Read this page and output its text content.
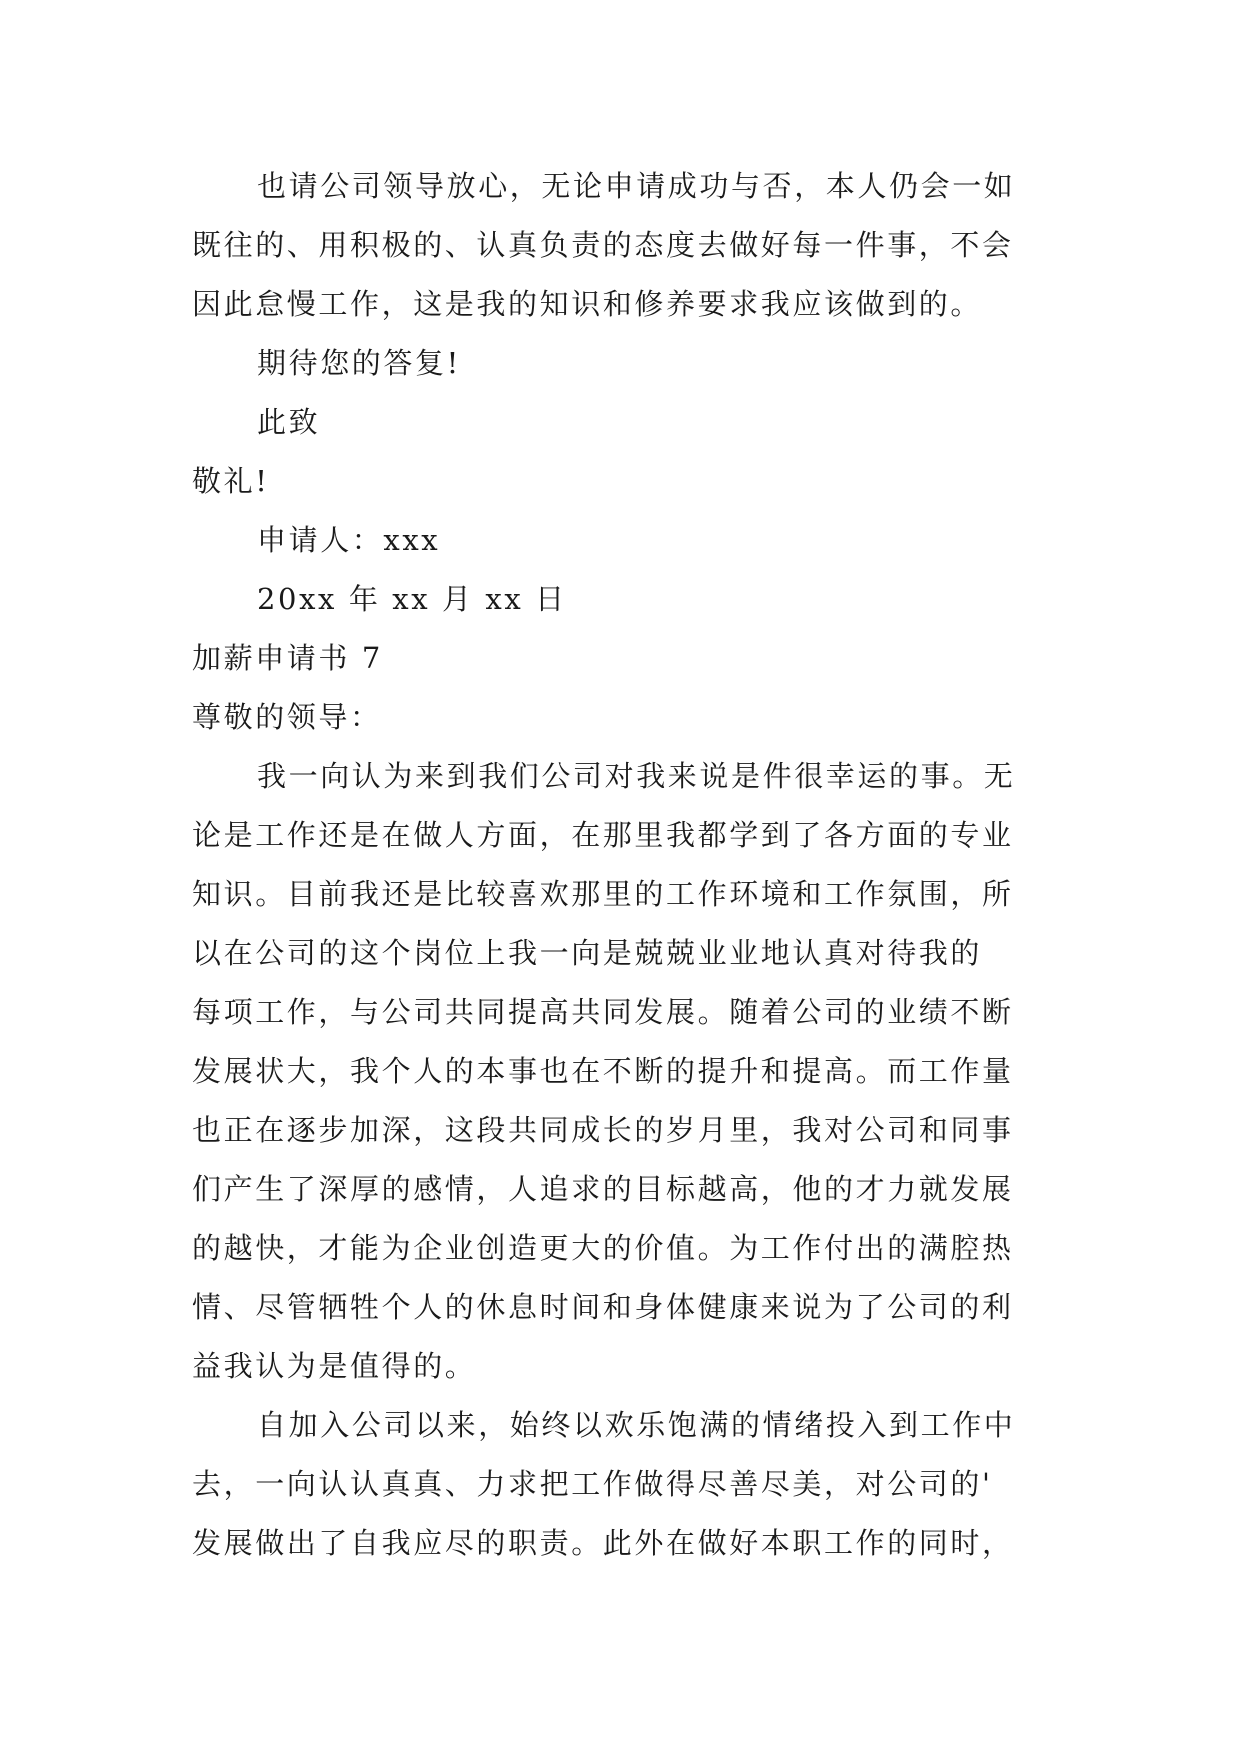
也请公司领导放心，无论申请成功与否，本人仍会一如
既往的、用积极的、认真负责的态度去做好每一件事，不会
因此怠慢工作，这是我的知识和修养要求我应该做到的。
期待您的答复!
此致
敬礼!
申请人：xxx
20xx 年 xx 月 xx 日
加薪申请书 7
尊敬的领导：
我一向认为来到我们公司对我来说是件很幸运的事。无
论是工作还是在做人方面，在那里我都学到了各方面的专业
知识。目前我还是比较喜欢那里的工作环境和工作氛围，所
以在公司的这个岗位上我一向是兢兢业业地认真对待我的
每项工作，与公司共同提高共同发展。随着公司的业绩不断
发展状大，我个人的本事也在不断的提升和提高。而工作量
也正在逐步加深，这段共同成长的岁月里，我对公司和同事
们产生了深厚的感情，人追求的目标越高，他的才力就发展
的越快，才能为企业创造更大的价值。为工作付出的满腔热
情、尽管牺牲个人的休息时间和身体健康来说为了公司的利
益我认为是值得的。
自加入公司以来，始终以欢乐饱满的情绪投入到工作中
去，一向认认真真、力求把工作做得尽善尽美，对公司的'
发展做出了自我应尽的职责。此外在做好本职工作的同时，
